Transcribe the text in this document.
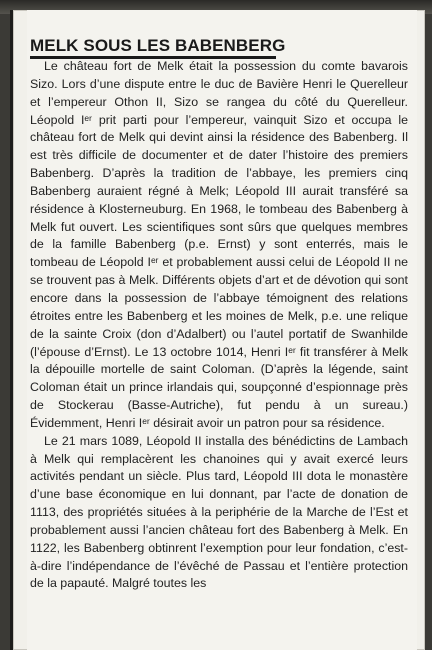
MELK SOUS LES BABENBERG

Le château fort de Melk était la possession du comte bavarois Sizo. Lors d’une dispute entre le duc de Bavière Henri le Querelleur et l’empereur Othon II, Sizo se rangea du côté du Querelleur. Léopold Iᵉʳ prit parti pour l’empereur, vainquit Sizo et occupa le château fort de Melk qui devint ainsi la résidence des Babenberg. Il est très difficile de documenter et de dater l’histoire des premiers Babenberg. D’après la tradition de l’abbaye, les premiers cinq Babenberg auraient régné à Melk; Léopold III aurait transféré sa résidence à Klosterneuburg. En 1968, le tombeau des Babenberg à Melk fut ouvert. Les scientifiques sont sûrs que quelques membres de la famille Babenberg (p.e. Ernst) y sont enterrés, mais le tombeau de Léopold Iᵉʳ et probablement aussi celui de Léopold II ne se trouvent pas à Melk. Différents objets d’art et de dévotion qui sont encore dans la possession de l’abbaye témoignent des relations étroites entre les Babenberg et les moines de Melk, p.e. une relique de la sainte Croix (don d’Adalbert) ou l’autel portatif de Swanhilde (l’épouse d’Ernst). Le 13 octobre 1014, Henri Iᵉʳ fit transférer à Melk la dépouille mortelle de saint Coloman. (D’après la légende, saint Coloman était un prince irlandais qui, soupçonné d’espionnage près de Stockerau (Basse-Autriche), fut pendu à un sureau.) Évidemment, Henri Iᵉʳ désirait avoir un patron pour sa résidence.

Le 21 mars 1089, Léopold II installa des bénédictins de Lambach à Melk qui remplacèrent les chanoines qui y avait exercé leurs activités pendant un siècle. Plus tard, Léopold III dota le monastère d’une base économique en lui donnant, par l’acte de donation de 1113, des propriétés situées à la periphérie de la Marche de l’Est et probablement aussi l’ancien château fort des Babenberg à Melk. En 1122, les Babenberg obtinrent l’exemption pour leur fondation, c’est-à-dire l’indépendance de l’évêché de Passau et l’entière protection de la papauté. Malgré toutes les
